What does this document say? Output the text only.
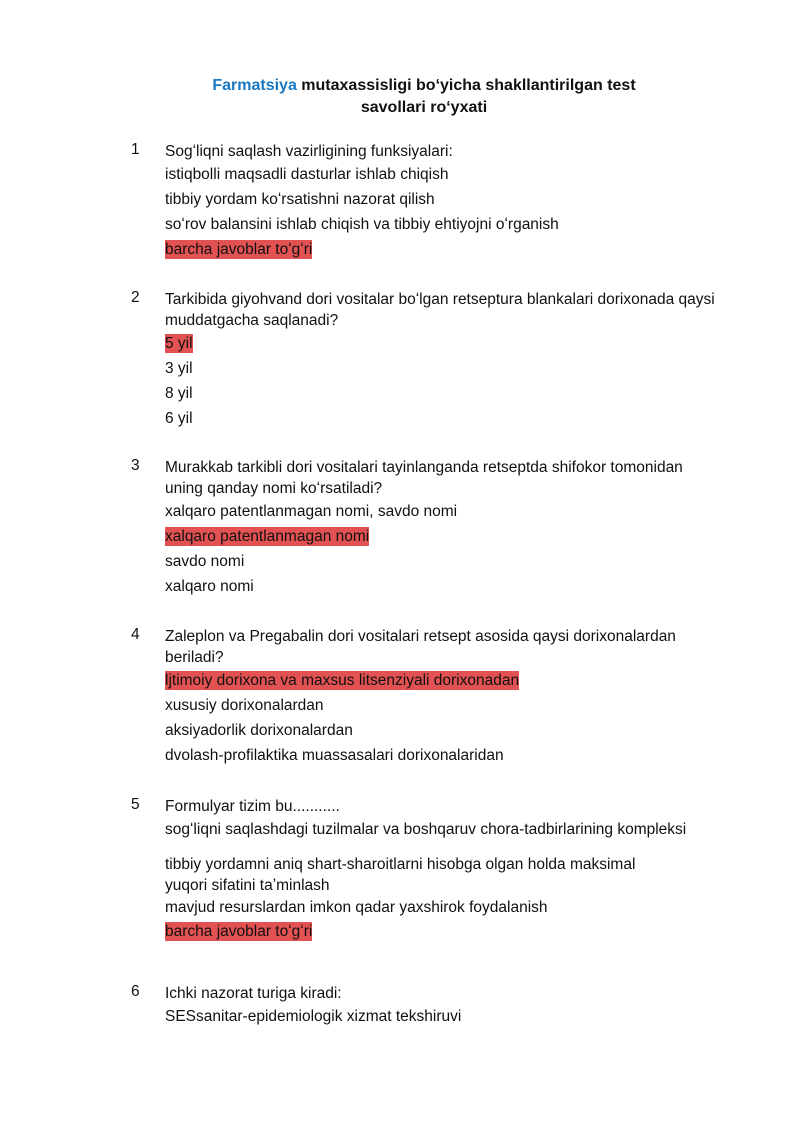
Farmatsiya mutaxassisligi boʻyicha shakllantirilgan test
savollari roʻyxati
1 Sogʻliqni saqlash vazirligining funksiyalari:
istiqbolli maqsadli dasturlar ishlab chiqish
tibbiy yordam koʻrsatishni nazorat qilish
soʻrov balansini ishlab chiqish va tibbiy ehtiyojni oʻrganish
barcha javoblar toʻgʻri
2 Tarkibida giyohvand dori vositalar boʻlgan retseptura blankalari dorixonada qaysi muddatgacha saqlanadi?
5 yil
3 yil
8 yil
6 yil
3 Murakkab tarkibli dori vositalari tayinlanganda retseptda shifokor tomonidan uning qanday nomi koʻrsatiladi?
xalqaro patentlanmagan nomi, savdo nomi
xalqaro patentlanmagan nomi
savdo nomi
xalqaro nomi
4 Zaleplon va Pregabalin dori vositalari retsept asosida qaysi dorixonalardan beriladi?
ljtimoiy dorixona va maxsus litsenziyali dorixonadan
xususiy dorixonalardan
aksiyadorlik dorixonalardan
dvolash-profilaktika muassasalari dorixonalaridan
5 Formulyar tizim bu...........
sogʻliqni saqlashdagi tuzilmalar va boshqaruv chora-tadbirlarining kompleksi
tibbiy yordamni aniq shart-sharoitlarni hisobga olgan holda maksimal yuqori sifatini taʼminlash
mavjud resurslardan imkon qadar yaxshirok foydalanish
barcha javoblar toʻgʻri
6 Ichki nazorat turiga kiradi:
SESsanitar-epidemiologik xizmat tekshiruvi
